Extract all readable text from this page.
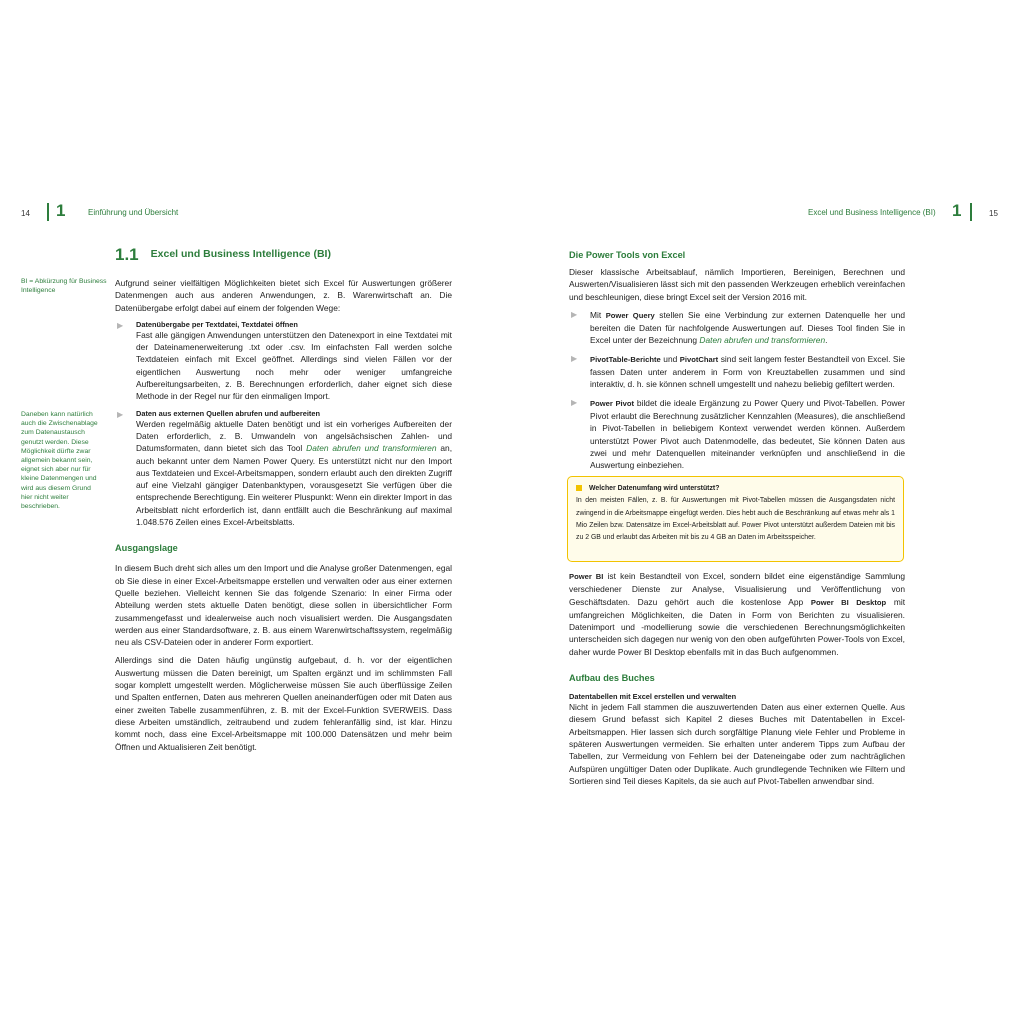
14 1	Einführung und Übersicht	Excel und Business Intelligence (BI) 1	15
1.1 Excel und Business Intelligence (BI)
BI = Abkürzung für Business Intelligence
Daneben kann natürlich auch die Zwischenablage zum Datenaustausch genutzt werden. Diese Möglichkeit dürfte zwar allgemein bekannt sein, eignet sich aber nur für kleine Datenmengen und wird aus diesem Grund hier nicht weiter beschrieben.

Aufgrund seiner vielfältigen Möglichkeiten bietet sich Excel für Auswertungen größerer Datenmengen auch aus anderen Anwendungen, z. B. Warenwirtschaft an. Die Datenübergabe erfolgt dabei auf einem der folgenden Wege:

▶ Datenübergabe per Textdatei, Textdatei öffnen

Fast alle gängigen Anwendungen unterstützen den Datenexport in eine Textdatei mit der Dateinamenerweiterung .txt oder .csv. Im einfachsten Fall werden solche Textdateien einfach mit Excel geöffnet. Allerdings sind vielen Fällen vor der eigentlichen Auswertung noch mehr oder weniger umfangreiche Aufbereitungsarbeiten, z. B. Berechnungen erforderlich, daher eignet sich diese Methode in der Regel nur für den einmaligen Import.

▶ Daten aus externen Quellen abrufen und aufbereiten

Werden regelmäßig aktuelle Daten benötigt und ist ein vorheriges Aufbereiten der Daten erforderlich, z. B. Umwandeln von angelsächsischen Zahlen- und Datumsformaten, dann bietet sich das Tool Daten abrufen und transformieren an, auch bekannt unter dem Namen Power Query. Es unterstützt nicht nur den Import aus Textdateien und Excel-Arbeitsmappen, sondern erlaubt auch den direkten Zugriff auf eine Vielzahl gängiger Datenbanktypen, vorausgesetzt Sie verfügen über die entsprechende Berechtigung. Ein weiterer Pluspunkt: Wenn ein direkter Import in das Arbeitsblatt nicht erforderlich ist, dann entfällt auch die Beschränkung auf maximal 1.048.576 Zeilen eines Excel-Arbeitsblatts.

Ausgangslage

In diesem Buch dreht sich alles um den Import und die Analyse großer Datenmengen, egal ob Sie diese in einer Excel-Arbeitsmappe erstellen und verwalten oder aus einer externen Quelle beziehen. Vielleicht kennen Sie das folgende Szenario: In einer Firma oder Abteilung werden stets aktuelle Daten benötigt, diese sollen in übersichtlicher Form zusammengefasst und idealerweise auch noch visualisiert werden. Die Ausgangsdaten werden aus einer Standardsoftware, z. B. aus einem Warenwirtschaftssystem, regelmäßig neu als CSV-Dateien oder in anderer Form exportiert.

Allerdings sind die Daten häufig ungünstig aufgebaut, d. h. vor der eigentlichen Auswertung müssen die Daten bereinigt, um Spalten ergänzt und im schlimmsten Fall sogar komplett umgestellt werden. Möglicherweise müssen Sie auch überflüssige Zeilen und Spalten entfernen, Daten aus mehreren Quellen aneinanderfügen oder mit Daten aus einer zweiten Tabelle zusammenführen, z. B. mit der Excel-Funktion SVERWEIS. Dass diese Arbeiten umständlich, zeitraubend und zudem fehleranfällig sind, ist klar. Hinzu kommt noch, dass eine Excel-Arbeitsmappe mit 100.000 Datensätzen und mehr beim Öffnen und Aktualisieren Zeit benötigt.

Die Power Tools von Excel

Dieser klassische Arbeitsablauf, nämlich Importieren, Bereinigen, Berechnen und Auswerten/Visualisieren lässt sich mit den passenden Werkzeugen erheblich vereinfachen und beschleunigen, diese bringt Excel seit der Version 2016 mit.

▶ Mit Power Query stellen Sie eine Verbindung zur externen Datenquelle her und bereiten die Daten für nachfolgende Auswertungen auf. Dieses Tool finden Sie in Excel unter der Bezeichnung Daten abrufen und transformieren.

▶ PivotTable-Berichte und PivotChart sind seit langem fester Bestandteil von Excel. Sie fassen Daten unter anderem in Form von Kreuztabellen zusammen und sind interaktiv, d. h. sie können schnell umgestellt und nahezu beliebig gefiltert werden.

▶ Power Pivot bildet die ideale Ergänzung zu Power Query und Pivot-Tabellen. Power Pivot erlaubt die Berechnung zusätzlicher Kennzahlen (Measures), die anschließend in Pivot-Tabellen in beliebigem Kontext verwendet werden können. Außerdem unterstützt Power Pivot auch Datenmodelle, das bedeutet, Sie können Daten aus zwei und mehr Datenquellen miteinander verknüpfen und anschließend in die Auswertung einbeziehen.

Welcher Datenumfang wird unterstützt?
In den meisten Fällen, z. B. für Auswertungen mit Pivot-Tabellen müssen die Ausgangsdaten nicht zwingend in die Arbeitsmappe eingefügt werden. Dies hebt auch die Beschränkung auf etwas mehr als 1 Mio Zeilen bzw. Datensätze im Excel-Arbeitsblatt auf. Power Pivot unterstützt außerdem Dateien mit bis zu 2 GB und erlaubt das Arbeiten mit bis zu 4 GB an Daten im Arbeitsspeicher.

Power BI ist kein Bestandteil von Excel, sondern bildet eine eigenständige Sammlung verschiedener Dienste zur Analyse, Visualisierung und Veröffentlichung von Geschäftsdaten. Dazu gehört auch die kostenlose App Power BI Desktop mit umfangreichen Möglichkeiten, die Daten in Form von Berichten zu visualisieren. Datenimport und -modellierung sowie die verschiedenen Berechnungsmöglichkeiten unterscheiden sich dagegen nur wenig von den oben aufgeführten Power-Tools von Excel, daher wurde Power BI Desktop ebenfalls mit in das Buch aufgenommen.

Aufbau des Buches

Datentabellen mit Excel erstellen und verwalten

Nicht in jedem Fall stammen die auszuwertenden Daten aus einer externen Quelle. Aus diesem Grund befasst sich Kapitel 2 dieses Buches mit Datentabellen in Excel-Arbeitsmappen. Hier lassen sich durch sorgfältige Planung viele Fehler und Probleme in späteren Auswertungen vermeiden. Sie erhalten unter anderem Tipps zum Aufbau der Tabellen, zur Vermeidung von Fehlern bei der Dateneingabe oder zum nachträglichen Aufspüren ungültiger Daten oder Duplikate. Auch grundlegende Techniken wie Filtern und Sortieren sind Teil dieses Kapitels, da sie auch auf Pivot-Tabellen anwendbar sind.
